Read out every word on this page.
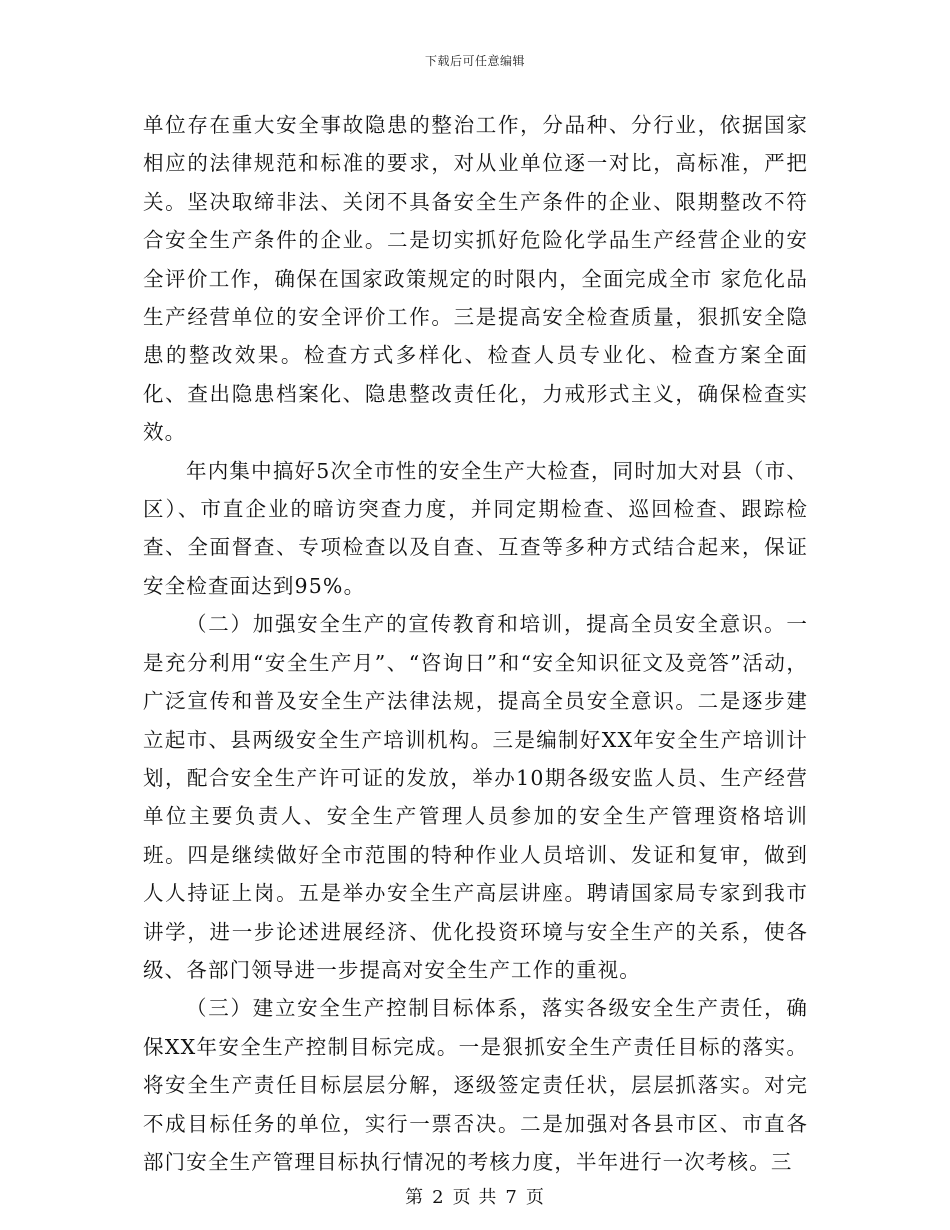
下载后可任意编辑

单位存在重大安全事故隐患的整治工作，分品种、分行业，依据国家相应的法律规范和标准的要求，对从业单位逐一对比，高标准，严把关。坚决取缔非法、关闭不具备安全生产条件的企业、限期整改不符合安全生产条件的企业。二是切实抓好危险化学品生产经营企业的安全评价工作，确保在国家政策规定的时限内，全面完成全市 家危化品生产经营单位的安全评价工作。三是提高安全检查质量，狠抓安全隐患的整改效果。检查方式多样化、检查人员专业化、检查方案全面化、查出隐患档案化、隐患整改责任化，力戒形式主义，确保检查实效。

年内集中搞好5次全市性的安全生产大检查，同时加大对县（市、区）、市直企业的暗访突查力度，并同定期检查、巡回检查、跟踪检查、全面督查、专项检查以及自查、互查等多种方式结合起来，保证安全检查面达到95%。

（二）加强安全生产的宣传教育和培训，提高全员安全意识。一是充分利用“安全生产月”、“咨询日”和“安全知识征文及竞答”活动，广泛宣传和普及安全生产法律法规，提高全员安全意识。二是逐步建立起市、县两级安全生产培训机构。三是编制好XX年安全生产培训计划，配合安全生产许可证的发放，举办10期各级安监人员、生产经营单位主要负责人、安全生产管理人员参加的安全生产管理资格培训班。四是继续做好全市范围的特种作业人员培训、发证和复审，做到人人持证上岗。五是举办安全生产高层讲座。聘请国家局专家到我市讲学，进一步论述进展经济、优化投资环境与安全生产的关系，使各级、各部门领导进一步提高对安全生产工作的重视。

（三）建立安全生产控制目标体系，落实各级安全生产责任，确保XX年安全生产控制目标完成。一是狠抓安全生产责任目标的落实。将安全生产责任目标层层分解，逐级签定责任状，层层抓落实。对完不成目标任务的单位，实行一票否决。二是加强对各县市区、市直各部门安全生产管理目标执行情况的考核力度，半年进行一次考核。三

第 2 页 共 7 页
